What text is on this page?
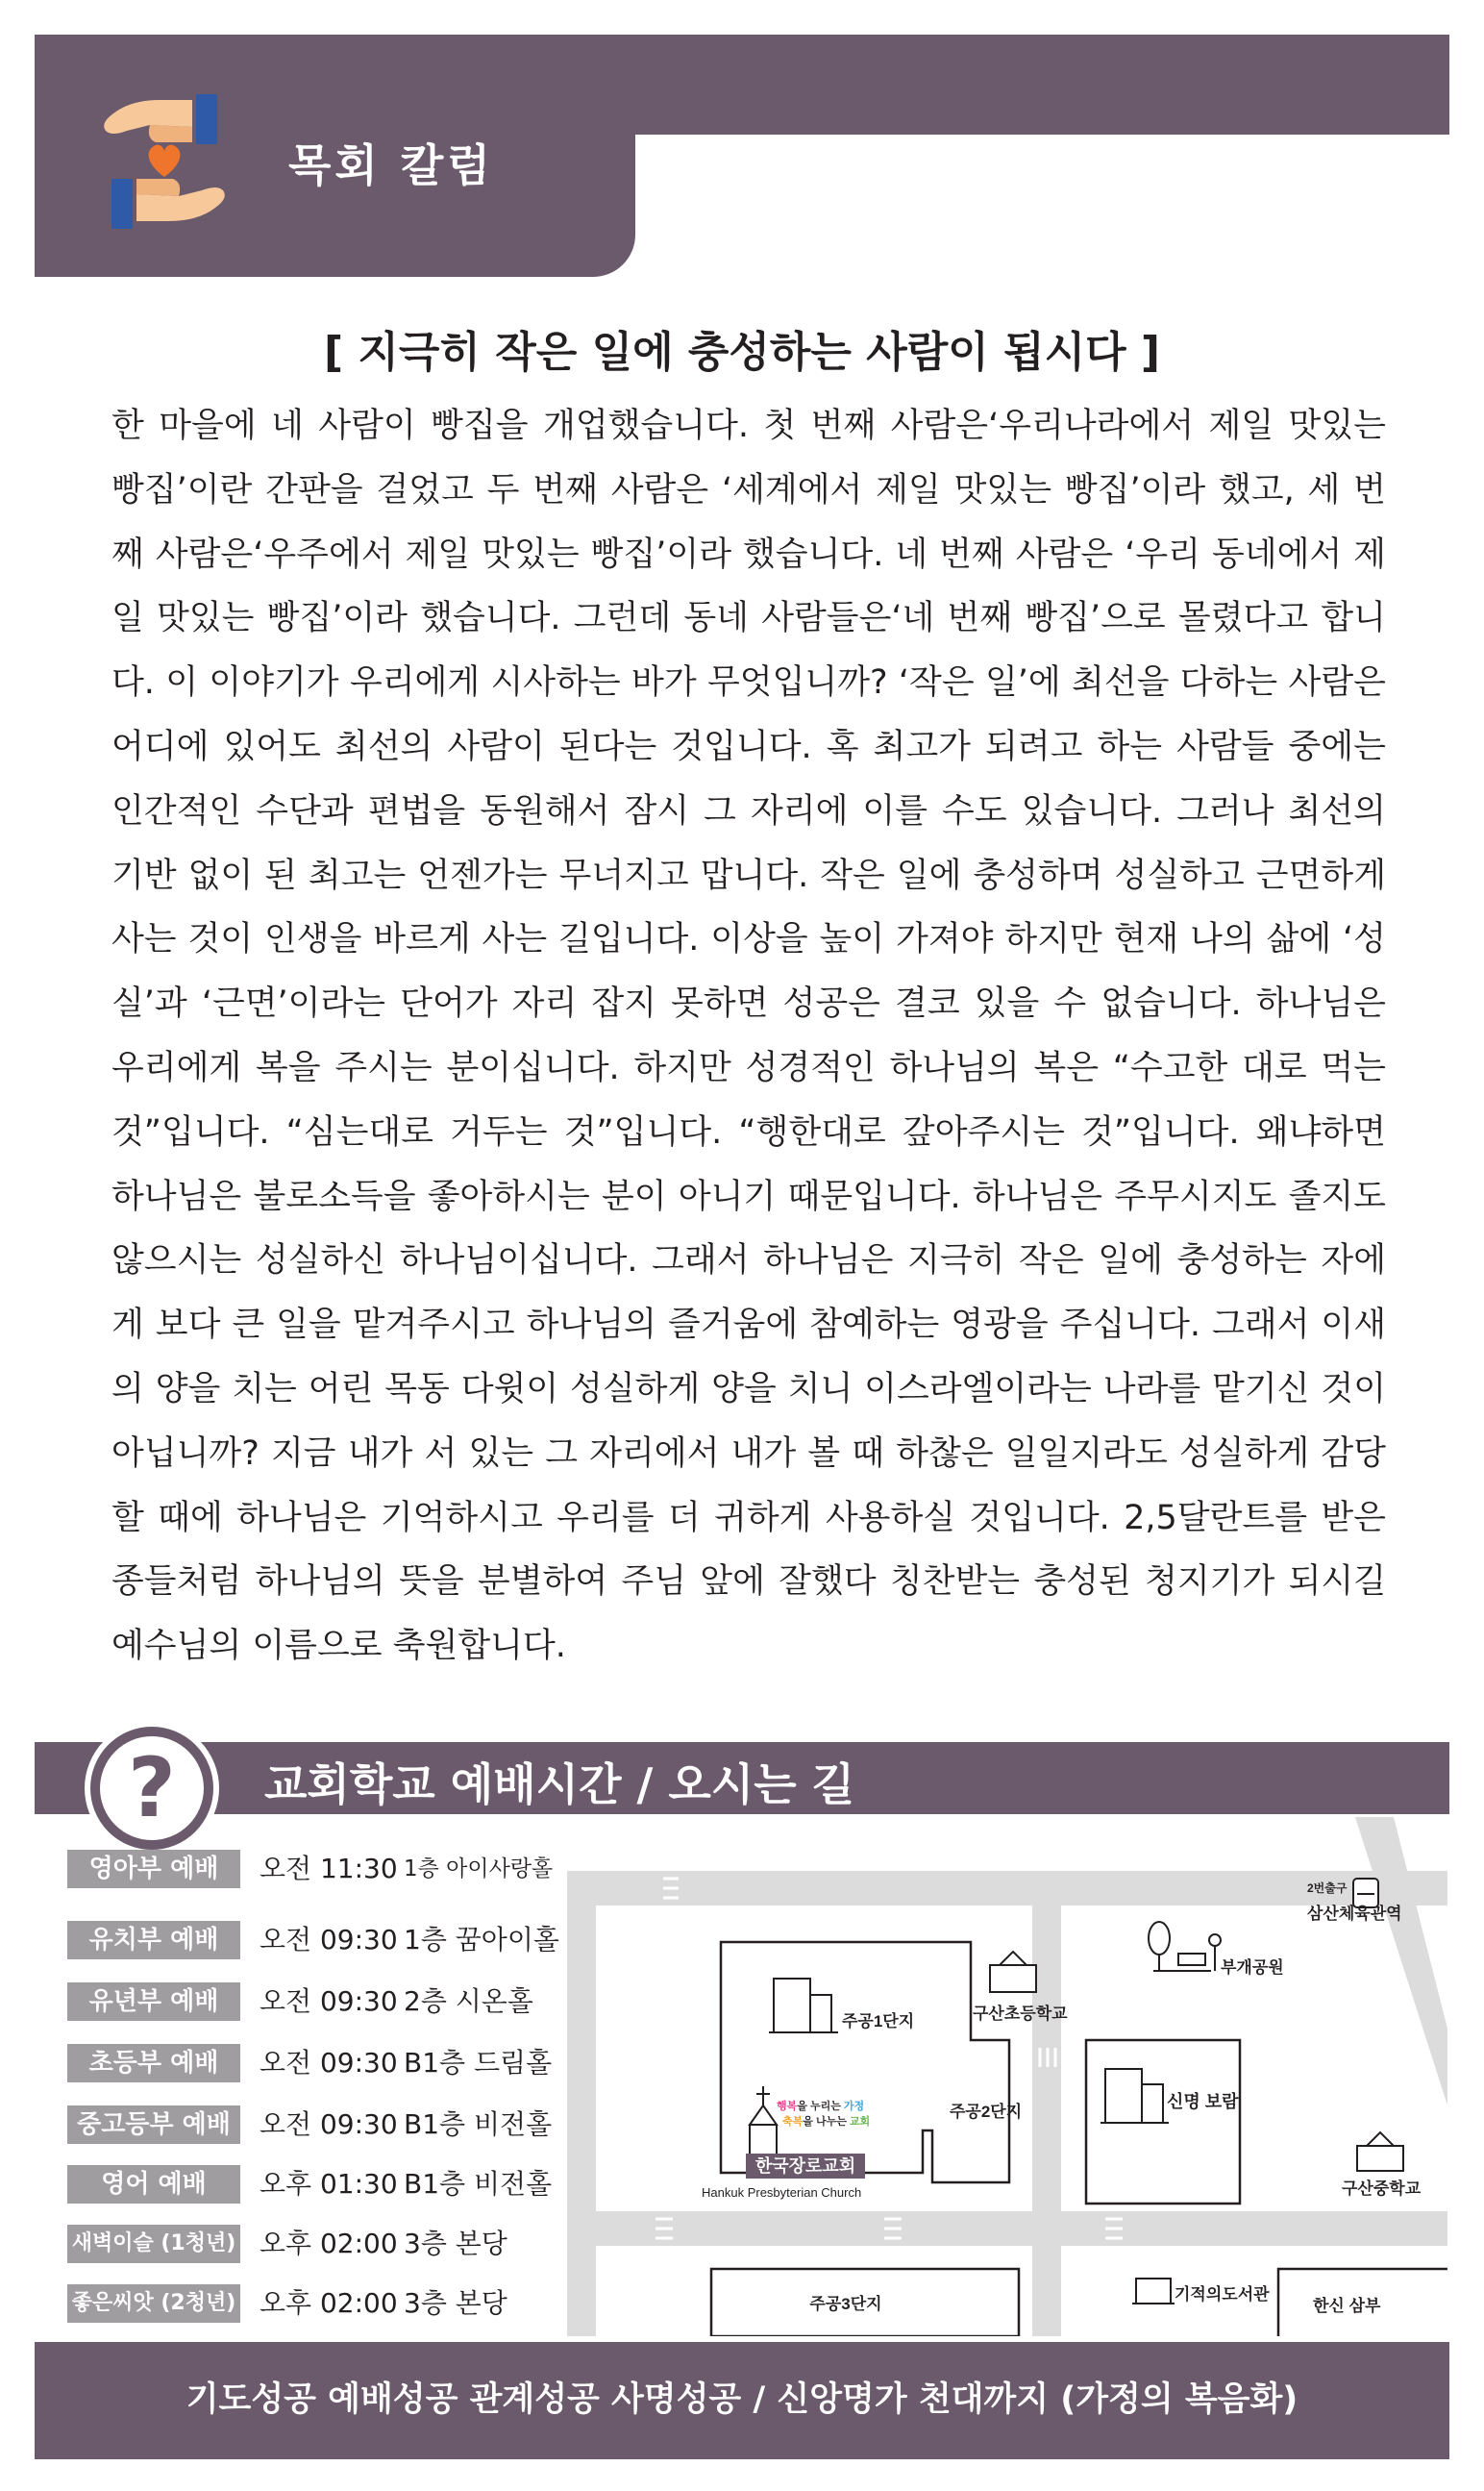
목회 칼럼
[ 지극히 작은 일에 충성하는 사람이 됩시다 ]

한 마을에 네 사람이 빵집을 개업했습니다. 첫 번째 사람은‘우리나라에서 제일 맛있는 빵집’이란 간판을 걸었고 두 번째 사람은 ‘세계에서 제일 맛있는 빵집’이라 했고, 세 번째 사람은‘우주에서 제일 맛있는 빵집’이라 했습니다. 네 번째 사람은 ‘우리 동네에서 제일 맛있는 빵집’이라 했습니다. 그런데 동네 사람들은‘네 번째 빵집’으로 몰렸다고 합니다. 이 이야기가 우리에게 시사하는 바가 무엇입니까? ‘작은 일’에 최선을 다하는 사람은 어디에 있어도 최선의 사람이 된다는 것입니다. 혹 최고가 되려고 하는 사람들 중에는 인간적인 수단과 편법을 동원해서 잠시 그 자리에 이를 수도 있습니다. 그러나 최선의 기반 없이 된 최고는 언젠가는 무너지고 맙니다. 작은 일에 충성하며 성실하고 근면하게 사는 것이 인생을 바르게 사는 길입니다. 이상을 높이 가져야 하지만 현재 나의 삶에 ‘성실’과 ‘근면’이라는 단어가 자리 잡지 못하면 성공은 결코 있을 수 없습니다. 하나님은 우리에게 복을 주시는 분이십니다. 하지만 성경적인 하나님의 복은 “수고한 대로 먹는 것”입니다. “심는대로 거두는 것”입니다. “행한대로 갚아주시는 것”입니다. 왜냐하면 하나님은 불로소득을 좋아하시는 분이 아니기 때문입니다. 하나님은 주무시지도 졸지도 않으시는 성실하신 하나님이십니다. 그래서 하나님은 지극히 작은 일에 충성하는 자에게 보다 큰 일을 맡겨주시고 하나님의 즐거움에 참예하는 영광을 주십니다. 그래서 이새의 양을 치는 어린 목동 다윗이 성실하게 양을 치니 이스라엘이라는 나라를 맡기신 것이 아닙니까? 지금 내가 서 있는 그 자리에서 내가 볼 때 하찮은 일일지라도 성실하게 감당할 때에 하나님은 기억하시고 우리를 더 귀하게 사용하실 것입니다. 2,5달란트를 받은 종들처럼 하나님의 뜻을 분별하여 주님 앞에 잘했다 칭찬받는 충성된 청지기가 되시길 예수님의 이름으로 축원합니다.

?	교회학교 예배시간 / 오시는 길
영아부 예배	오전 11:30 1층 아이사랑홀
유치부 예배	오전 09:30 1층 꿈아이홀
유년부 예배	오전 09:30 2층 시온홀
초등부 예배	오전 09:30 B1층 드림홀
중고등부 예배	오전 09:30 B1층 비전홀
영어 예배	오후 01:30 B1층 비전홀
새벽이슬 (1청년) 오후 02:00 3층 본당
좋은씨앗 (2청년) 오후 02:00 3층 본당
한국장로교회
행복을 누리는 가정
축복을 나누는 교회
Hankuk Presbyterian Church
2번출구
삼산체육관역
부개공원
구산초등학교
주공1단지
주공2단지
신명 보람
구산중학교
주공3단지
기적의도서관
한신 삼부
기도성공 예배성공 관계성공 사명성공 / 신앙명가 천대까지 (가정의 복음화)
